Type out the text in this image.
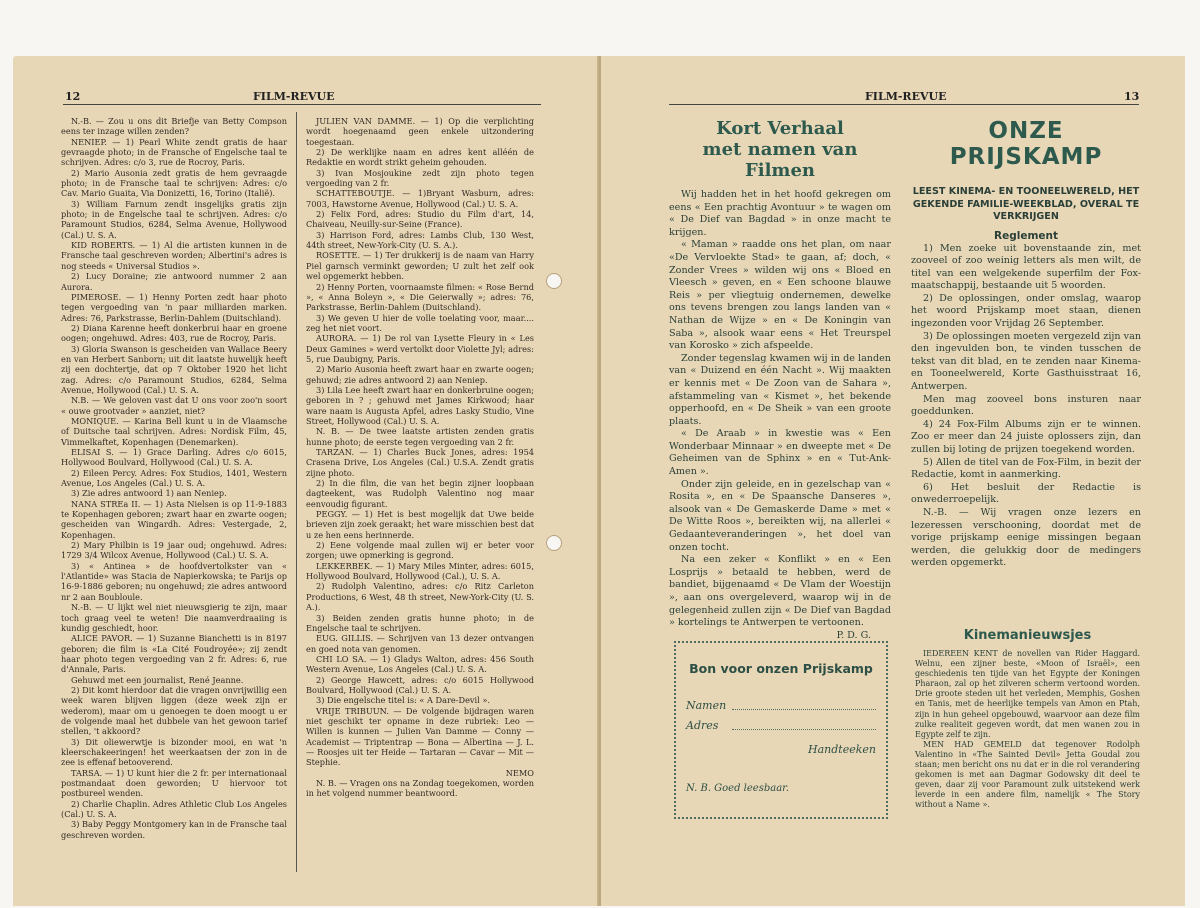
12	FILM-REVUE

N.-B. — Zou u ons dit Briefje van Betty Compson eens ter inzage willen zenden?

NENIEP. — 1) Pearl White zendt gratis de haar gevraagde photo; in de Fransche of Engelsche taal te schrijven. Adres: c/o 3, rue de Rocroy, Paris.

2) Mario Ausonia zedt gratis de hem gevraagde photo; in de Fransche taal te schrijven: Adres: c/o Cav. Mario Guaita, Via Donizetti, 16, Torino (Italië).

3) William Farnum zendt insgelijks gratis zijn photo; in de Engelsche taal te schrijven. Adres: c/o Paramount Studios, 6284, Selma Avenue, Hollywood (Cal.) U. S. A.

KID ROBERTS. — 1) Al die artisten kunnen in de Fransche taal geschreven worden; Albertini's adres is nog steeds « Universal Studios ».

2) Lucy Doraine; zie antwoord nummer 2 aan Aurora.

PIMEROSE. — 1) Henny Porten zedt haar photo tegen vergoeding van 'n paar milliarden marken. Adres: 76, Parkstrasse, Berlin-Dahlem (Duitschland).

2) Diana Karenne heeft donkerbrui haar en groene oogen; ongehuwd. Adres: 403, rue de Rocroy, Paris.

3) Gloria Swanson is gescheiden van Wallace Beery en van Herbert Sanborn; uit dit laatste huwelijk heeft zij een dochtertje, dat op 7 Oktober 1920 het licht zag. Adres: c/o Paramount Studios, 6284, Selma Avenue, Hollywood (Cal.) U. S. A.

N.B. — We geloven vast dat U ons voor zoo'n soort « ouwe grootvader » aanziet, niet?

MONIQUE. — Karina Bell kunt u in de Vlaamsche of Duitsche taal schrijven. Adres: Nordisk Film, 45, Vimmelkaftet, Kopenhagen (Denemarken).

ELISAI S. — 1) Grace Darling. Adres c/o 6015, Hollywood Boulvard, Hollywood (Cal.) U. S. A.

2) Eileen Percy. Adres: Fox Studios, 1401, Western Avenue, Los Angeles (Cal.) U. S. A.

3) Zie adres antwoord 1) aan Neniep.

NANA STREa II. — 1) Asta Nielsen is op 11-9-1883 te Kopenhagen geboren; zwart haar en zwarte oogen; gescheiden van Wingardh. Adres: Vestergade, 2, Kopenhagen.

2) Mary Philbin is 19 jaar oud; ongehuwd. Adres: 1729 3/4 Wilcox Avenue, Hollywood (Cal.) U. S. A.

3) « Antinea » de hoofdvertolkster van « l'Atlantide» was Stacia de Napierkowska; te Parijs op 16-9-1886 geboren; nu ongehuwd; zie adres antwoord nr 2 aan Boubloule.

N.-B. — U lijkt wel niet nieuwsgierig te zijn, maar toch graag veel te weten! Die naamverdraaiing is kundig geschiedt, hoor.

ALICE PAVOR. — 1) Suzanne Bianchetti is in 8197 geboren; die film is «La Cité Foudroyée»; zij zendt haar photo tegen vergoeding van 2 fr. Adres: 6, rue d'Annale, Paris.

Gehuwd met een journalist, René Jeanne.

2) Dit komt hierdoor dat die vragen onvrijwillig een week waren blijven liggen (deze week zijn er wederom), maar om u genoegen te doen moogt u er de volgende maal het dubbele van het gewoon tarief stellen, 't akkoord?

3) Dit oliewerwtje is bizonder mooi, en wat 'n kleerschakeeringen! het weerkaatsen der zon in de zee is effenaf betooverend.

TARSA. — 1) U kunt hier die 2 fr. per internationaal postmandaat doen geworden; U hiervoor tot postbureel wenden.

2) Charlie Chaplin. Adres Athletic Club Los Angeles (Cal.) U. S. A.

3) Baby Peggy Montgomery kan in de Fransche taal geschreven worden.

JULIEN VAN DAMME. — 1) Op die verplichting wordt hoegenaamd geen enkele uitzondering toegestaan.

2) De werklijke naam en adres kent alléén de Redaktie en wordt strikt geheim gehouden.

3) Ivan Mosjoukine zedt zijn photo tegen vergoeding van 2 fr.

SCHATTEBOUTJE. — 1)Bryant Wasburn, adres: 7003, Hawstorne Avenue, Hollywood (Cal.) U. S. A.

2) Felix Ford, adres: Studio du Film d'art, 14, Chaiveau, Neuilly-sur-Seine (France).

3) Harrison Ford, adres: Lambs Club, 130 West, 44th street, New-York-City (U. S. A.).

ROSETTE. — 1) Ter drukkerij is de naam van Harry Piel garnsch verminkt geworden; U zult het zelf ook wel opgemerkt hebben.

2) Henny Porten, voornaamste filmen: « Rose Bernd », « Anna Boleyn », « Die Geierwally »; adres: 76, Parkstrasse, Berlin-Dahlem (Duitschland).

3) We geven U hier de volle toelating voor, maar.... zeg het niet voort.

AURORA. — 1) De rol van Lysette Fleury in « Les Deux Gamines » werd vertolkt door Violette Jyl; adres: 5, rue Daubigny, Paris.

2) Mario Ausonia heeft zwart haar en zwarte oogen; gehuwd; zie adres antwoord 2) aan Neniep.

3) Lila Lee heeft zwart haar en donkerbruine oogen; geboren in ? ; gehuwd met James Kirkwood; haar ware naam is Augusta Apfel, adres Lasky Studio, Vine Street, Hollywood (Cal.) U. S. A.

N. B. — De twee laatste artisten zenden gratis hunne photo; de eerste tegen vergoeding van 2 fr.

TARZAN. — 1) Charles Buck Jones, adres: 1954 Crasena Drive, Los Angeles (Cal.) U.S.A. Zendt gratis zijne photo.

2) In die film, die van het begin zijner loopbaan dagteekent, was Rudolph Valentino nog maar eenvoudig figurant.

PEGGY. — 1) Het is best mogelijk dat Uwe beide brieven zijn zoek geraakt; het ware misschien best dat u ze hen eens herinnerde.

2) Eene volgende maal zullen wij er beter voor zorgen; uwe opmerking is gegrond.

LEKKERBEK. — 1) Mary Miles Minter, adres: 6015, Hollywood Boulvard, Hollywood (Cal.), U. S. A.

2) Rudolph Valentino, adres: c/o Ritz Carleton Productions, 6 West, 48 th street, New-York-City (U. S. A.).

3) Beiden zenden gratis hunne photo; in de Engelsche taal te schrijven.

EUG. GILLIS. — Schrijven van 13 dezer ontvangen en goed nota van genomen.

CHI LO SA. — 1) Gladys Walton, adres: 456 South Western Avenue, Los Angeles (Cal.) U. S. A.

2) George Hawcett, adres: c/o 6015 Hollywood Boulvard, Hollywood (Cal.) U. S. A.

3) Die engelsche titel is: « A Dare-Devil ».

VRIJE TRIBUUN. — De volgende bijdragen waren niet geschikt ter opname in deze rubriek: Leo — Willen is kunnen — Julien Van Damme — Conny — Academist — Triptentrap — Bona — Albertina — J. L. — Roosjes uit ter Heide — Tartaran — Cavar — Mit — Stephie.

NEMO

N. B. — Vragen ons na Zondag toegekomen, worden in het volgend nummer beantwoord.

FILM-REVUE	13
Kort Verhaal
met namen van Filmen

Wij hadden het in het hoofd gekregen om eens « Een prachtig Avontuur » te wagen om « De Dief van Bagdad » in onze macht te krijgen.

« Maman » raadde ons het plan, om naar «De Vervloekte Stad» te gaan, af; doch, « Zonder Vrees » wilden wij ons « Bloed en Vleesch » geven, en « Een schoone blauwe Reis » per vliegtuig ondernemen, dewelke ons tevens brengen zou langs landen van « Nathan de Wijze » en « De Koningin van Saba », alsook waar eens « Het Treurspel van Korosko » zich afspeelde.

Zonder tegenslag kwamen wij in de landen van « Duizend en één Nacht ». Wij maakten er kennis met « De Zoon van de Sahara », afstammeling van « Kismet », het bekende opperhoofd, en « De Sheik » van een groote plaats.

« De Araab » in kwestie was « Een Wonderbaar Minnaar » en dweepte met « De Geheimen van de Sphinx » en « Tut-Ank-Amen ».

Onder zijn geleide, en in gezelschap van « Rosita », en « De Spaansche Danseres », alsook van « De Gemaskerde Dame » met « De Witte Roos », bereikten wij, na allerlei « Gedaanteveranderingen », het doel van onzen tocht.

Na een zeker « Konflikt » en « Een Losprijs » betaald te hebben, werd de bandiet, bijgenaamd « De Vlam der Woestijn », aan ons overgeleverd, waarop wij in de gelegenheid zullen zijn « De Dief van Bagdad » kortelings te Antwerpen te vertoonen.

P. D. G.
Bon voor onzen Prijskamp
Namen
Adres
Handteeken
N. B. Goed leesbaar.
ONZE PRIJSKAMP
LEEST KINEMA- EN TOONEELWERELD, HET GEKENDE FAMILIE-WEEKBLAD, OVERAL TE VERKRIJGEN
Reglement

1) Men zoeke uit bovenstaande zin, met zooveel of zoo weinig letters als men wilt, de titel van een welgekende superfilm der Fox-maatschappij, bestaande uit 5 woorden.

2) De oplossingen, onder omslag, waarop het woord Prijskamp moet staan, dienen ingezonden voor Vrijdag 26 September.

3) De oplossingen moeten vergezeld zijn van den ingevulden bon, te vinden tusschen de tekst van dit blad, en te zenden naar Kinema- en Tooneelwereld, Korte Gasthuisstraat 16, Antwerpen.

Men mag zooveel bons insturen naar goeddunken.

4) 24 Fox-Film Albums zijn er te winnen. Zoo er meer dan 24 juiste oplossers zijn, dan zullen bij loting de prijzen toegekend worden.

5) Allen de titel van de Fox-Film, in bezit der Redactie, komt in aanmerking.

6) Het besluit der Redactie is onwederroepelijk.

N.-B. — Wij vragen onze lezers en lezeressen verschooning, doordat met de vorige prijskamp eenige missingen begaan werden, die gelukkig door de medingers werden opgemerkt.

Kinemanieuwsjes

IEDEREEN KENT de novellen van Rider Haggard. Welnu, een zijner beste, «Moon of Israël», een geschiedenis ten tijde van het Egypte der Koningen Pharaon, zal op het zilveren scherm vertoond worden. Drie groote steden uit het verleden, Memphis, Goshen en Tanis, met de heerlijke tempels van Amon en Ptah, zijn in hun geheel opgebouwd, waarvoor aan deze film zulke realiteit gegeven wordt, dat men wanen zou in Egypte zelf te zijn.

MEN HAD GEMELD dat tegenover Rodolph Valentino in «The Sainted Devil» Jetta Goudal zou staan; men bericht ons nu dat er in die rol verandering gekomen is met aan Dagmar Godowsky dit deel te geven, daar zij voor Paramount zulk uitstekend werk leverde in een andere film, namelijk « The Story without a Name ».
